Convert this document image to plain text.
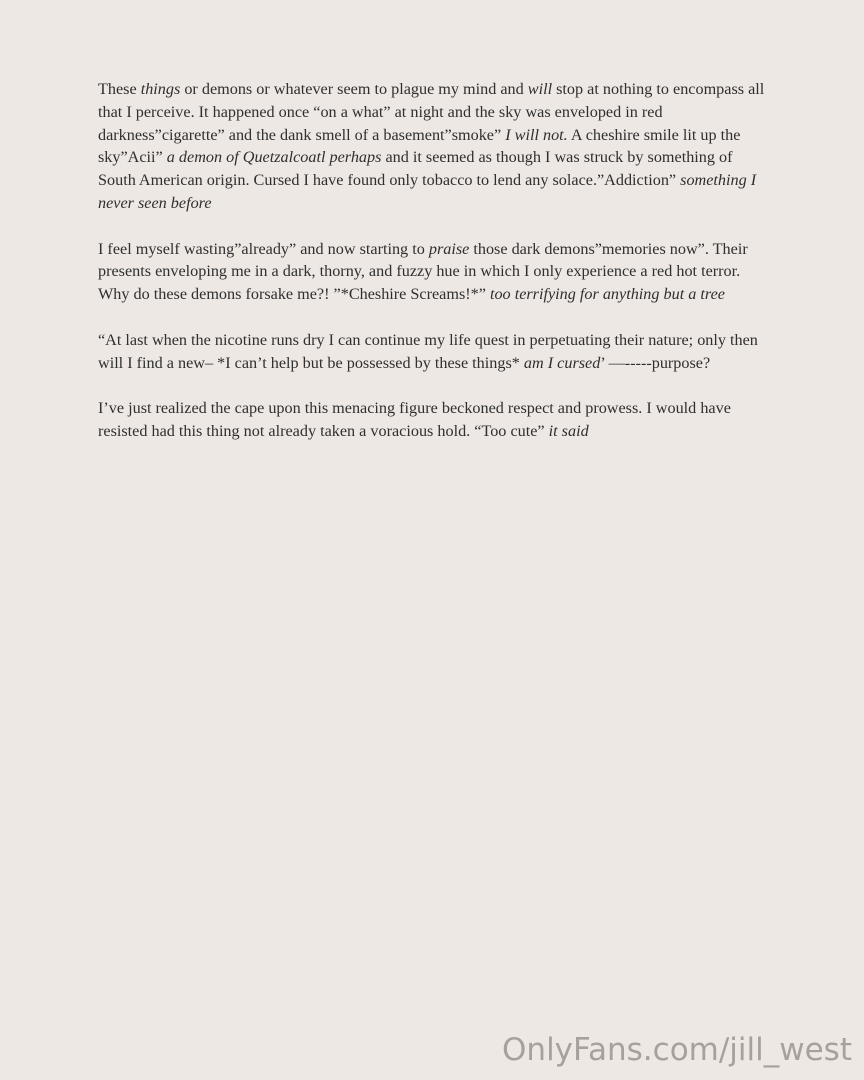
These things or demons or whatever seem to plague my mind and will stop at nothing to encompass all that I perceive. It happened once “on a what” at night and the sky was enveloped in red darkness”cigarette” and the dank smell of a basement”smoke” I will not. A cheshire smile lit up the sky”Acii” a demon of Quetzalcoatl perhaps and it seemed as though I was struck by something of South American origin. Cursed I have found only tobacco to lend any solace.”Addiction” something I never seen before

I feel myself wasting”already” and now starting to praise those dark demons”memories now”. Their presents enveloping me in a dark, thorny, and fuzzy hue in which I only experience a red hot terror. Why do these demons forsake me?! ”*Cheshire Screams!*” too terrifying for anything but a tree

“At last when the nicotine runs dry I can continue my life quest in perpetuating their nature; only then will I find a new– *I can’t help but be possessed by these things* am I cursed’ —-----purpose?

I’ve just realized the cape upon this menacing figure beckoned respect and prowess. I would have resisted had this thing not already taken a voracious hold. “Too cute” it said

OnlyFans.com/jill_west
